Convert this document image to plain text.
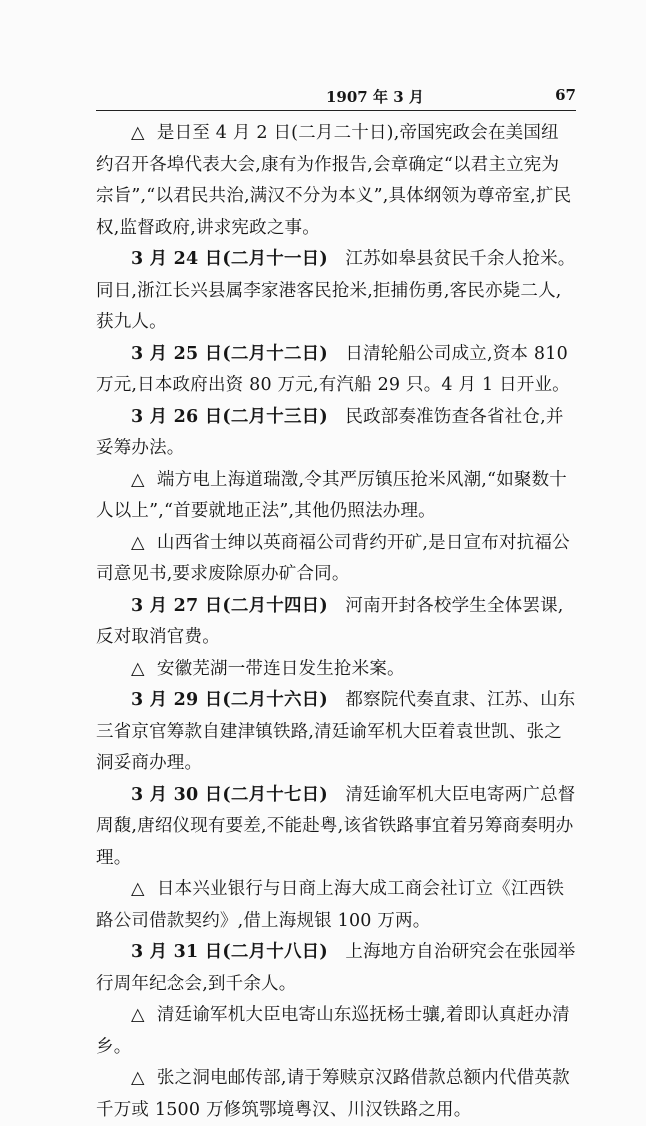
1907 年 3 月	67

△ 是日至 4 月 2 日(二月二十日),帝国宪政会在美国纽约召开各埠代表大会,康有为作报告,会章确定“以君主立宪为宗旨”,“以君民共治,满汉不分为本义”,具体纲领为尊帝室,扩民权,监督政府,讲求宪政之事。

3 月 24 日(二月十一日) 江苏如皋县贫民千余人抢米。同日,浙江长兴县属李家港客民抢米,拒捕伤勇,客民亦毙二人,获九人。

3 月 25 日(二月十二日) 日清轮船公司成立,资本 810 万元,日本政府出资 80 万元,有汽船 29 只。4 月 1 日开业。

3 月 26 日(二月十三日) 民政部奏准饬查各省社仓,并妥筹办法。

△ 端方电上海道瑞澂,令其严厉镇压抢米风潮,“如聚数十人以上”,“首要就地正法”,其他仍照法办理。

△ 山西省士绅以英商福公司背约开矿,是日宣布对抗福公司意见书,要求废除原办矿合同。

3 月 27 日(二月十四日) 河南开封各校学生全体罢课,反对取消官费。

△ 安徽芜湖一带连日发生抢米案。

3 月 29 日(二月十六日) 都察院代奏直隶、江苏、山东三省京官筹款自建津镇铁路,清廷谕军机大臣着袁世凯、张之洞妥商办理。

3 月 30 日(二月十七日) 清廷谕军机大臣电寄两广总督周馥,唐绍仪现有要差,不能赴粤,该省铁路事宜着另筹商奏明办理。

△ 日本兴业银行与日商上海大成工商会社订立《江西铁路公司借款契约》,借上海规银 100 万两。

3 月 31 日(二月十八日) 上海地方自治研究会在张园举行周年纪念会,到千余人。

△ 清廷谕军机大臣电寄山东巡抚杨士骧,着即认真赶办清乡。

△ 张之洞电邮传部,请于筹赎京汉路借款总额内代借英款千万或 1500 万修筑鄂境粤汉、川汉铁路之用。
